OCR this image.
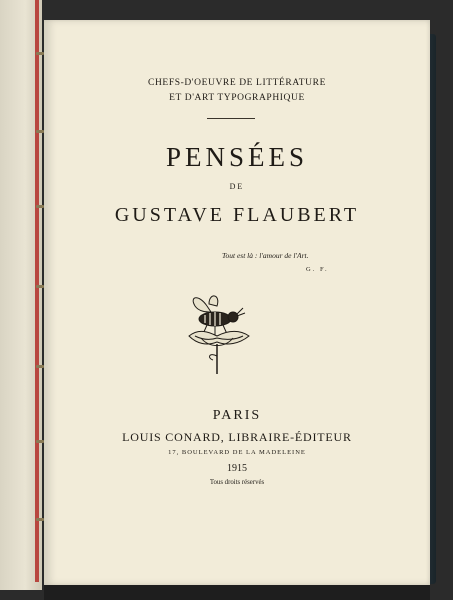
CHEFS-D'OEUVRE DE LITTÉRATURE
ET D'ART TYPOGRAPHIQUE
PENSÉES
DE
GUSTAVE FLAUBERT
Tout est là : l'amour de l'Art.
G. F.
PARIS
LOUIS CONARD, LIBRAIRE-ÉDITEUR
17, BOULEVARD DE LA MADELEINE
1915
Tous droits réservés
